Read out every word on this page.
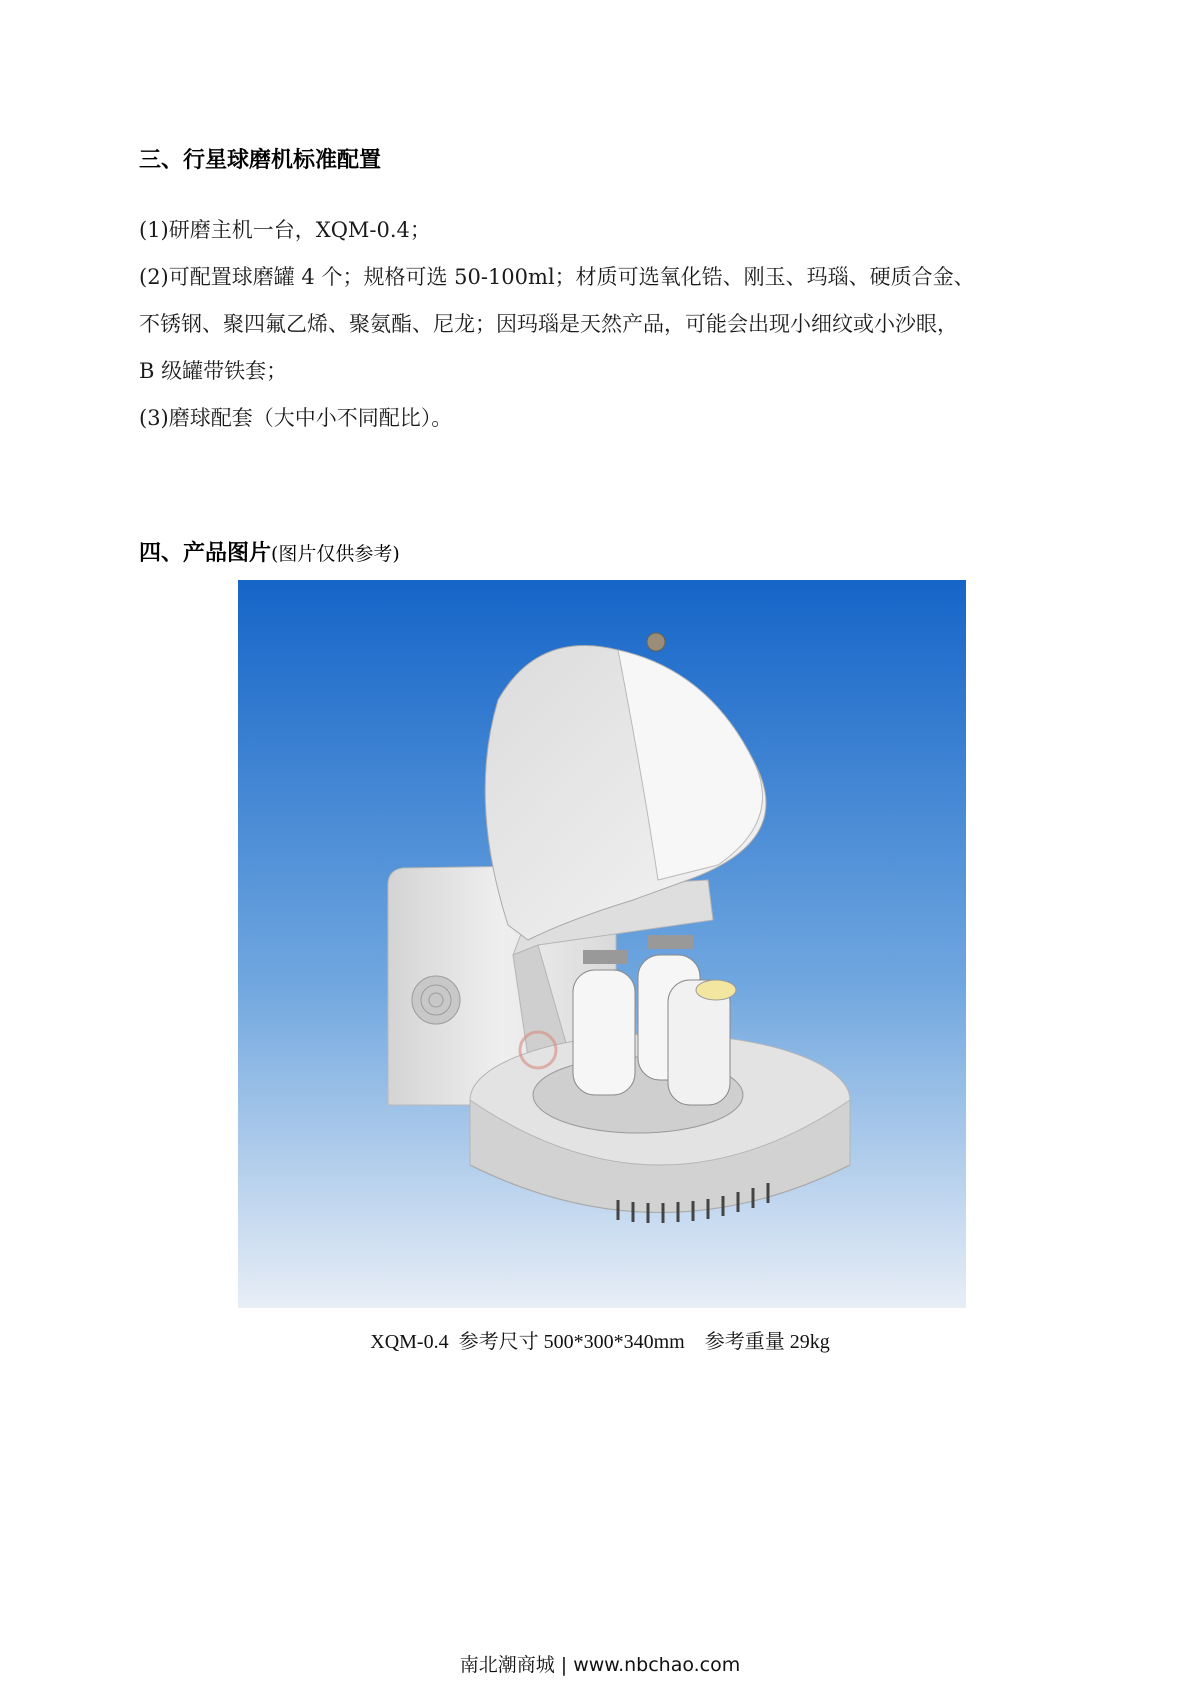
三、行星球磨机标准配置
(1)研磨主机一台，XQM-0.4；
(2)可配置球磨罐 4 个；规格可选 50-100ml；材质可选氧化锆、刚玉、玛瑙、硬质合金、
不锈钢、聚四氟乙烯、聚氨酯、尼龙；因玛瑙是天然产品，可能会出现小细纹或小沙眼，
B 级罐带铁套；
(3)磨球配套（大中小不同配比）。
四、产品图片(图片仅供参考)
XQM-0.4  参考尺寸 500*300*340mm    参考重量 29kg
南北潮商城 | www.nbchao.com
